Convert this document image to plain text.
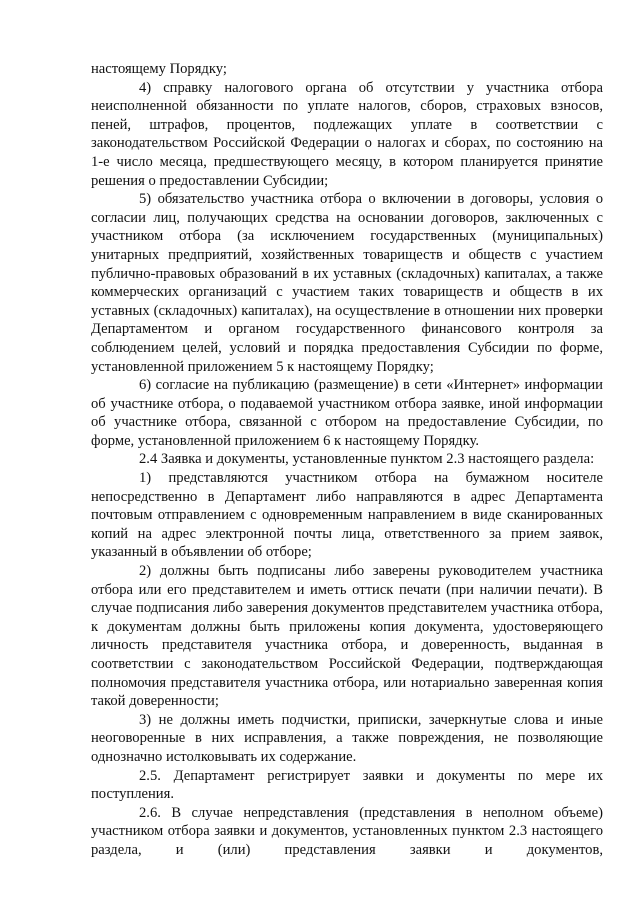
настоящему Порядку;

4) справку налогового органа об отсутствии у участника отбора неисполненной обязанности по уплате налогов, сборов, страховых взносов, пеней, штрафов, процентов, подлежащих уплате в соответствии с законодательством Российской Федерации о налогах и сборах, по состоянию на 1-е число месяца, предшествующего месяцу, в котором планируется принятие решения о предоставлении Субсидии;

5) обязательство участника отбора о включении в договоры, условия о согласии лиц, получающих средства на основании договоров, заключенных с участником отбора (за исключением государственных (муниципальных) унитарных предприятий, хозяйственных товариществ и обществ с участием публично-правовых образований в их уставных (складочных) капиталах, а также коммерческих организаций с участием таких товариществ и обществ в их уставных (складочных) капиталах), на осуществление в отношении них проверки Департаментом и органом государственного финансового контроля за соблюдением целей, условий и порядка предоставления Субсидии по форме, установленной приложением 5 к настоящему Порядку;

6) согласие на публикацию (размещение) в сети «Интернет» информации об участнике отбора, о подаваемой участником отбора заявке, иной информации об участнике отбора, связанной с отбором на предоставление Субсидии, по форме, установленной приложением 6 к настоящему Порядку.

2.4 Заявка и документы, установленные пунктом 2.3 настоящего раздела:

1) представляются участником отбора на бумажном носителе непосредственно в Департамент либо направляются в адрес Департамента почтовым отправлением с одновременным направлением в виде сканированных копий на адрес электронной почты лица, ответственного за прием заявок, указанный в объявлении об отборе;

2) должны быть подписаны либо заверены руководителем участника отбора или его представителем и иметь оттиск печати (при наличии печати). В случае подписания либо заверения документов представителем участника отбора, к документам должны быть приложены копия документа, удостоверяющего личность представителя участника отбора, и доверенность, выданная в соответствии с законодательством Российской Федерации, подтверждающая полномочия представителя участника отбора, или нотариально заверенная копия такой доверенности;

3) не должны иметь подчистки, приписки, зачеркнутые слова и иные неоговоренные в них исправления, а также повреждения, не позволяющие однозначно истолковывать их содержание.

2.5. Департамент регистрирует заявки и документы по мере их поступления.

2.6. В случае непредставления (представления в неполном объеме) участником отбора заявки и документов, установленных пунктом 2.3 настоящего раздела, и (или) представления заявки и документов,
